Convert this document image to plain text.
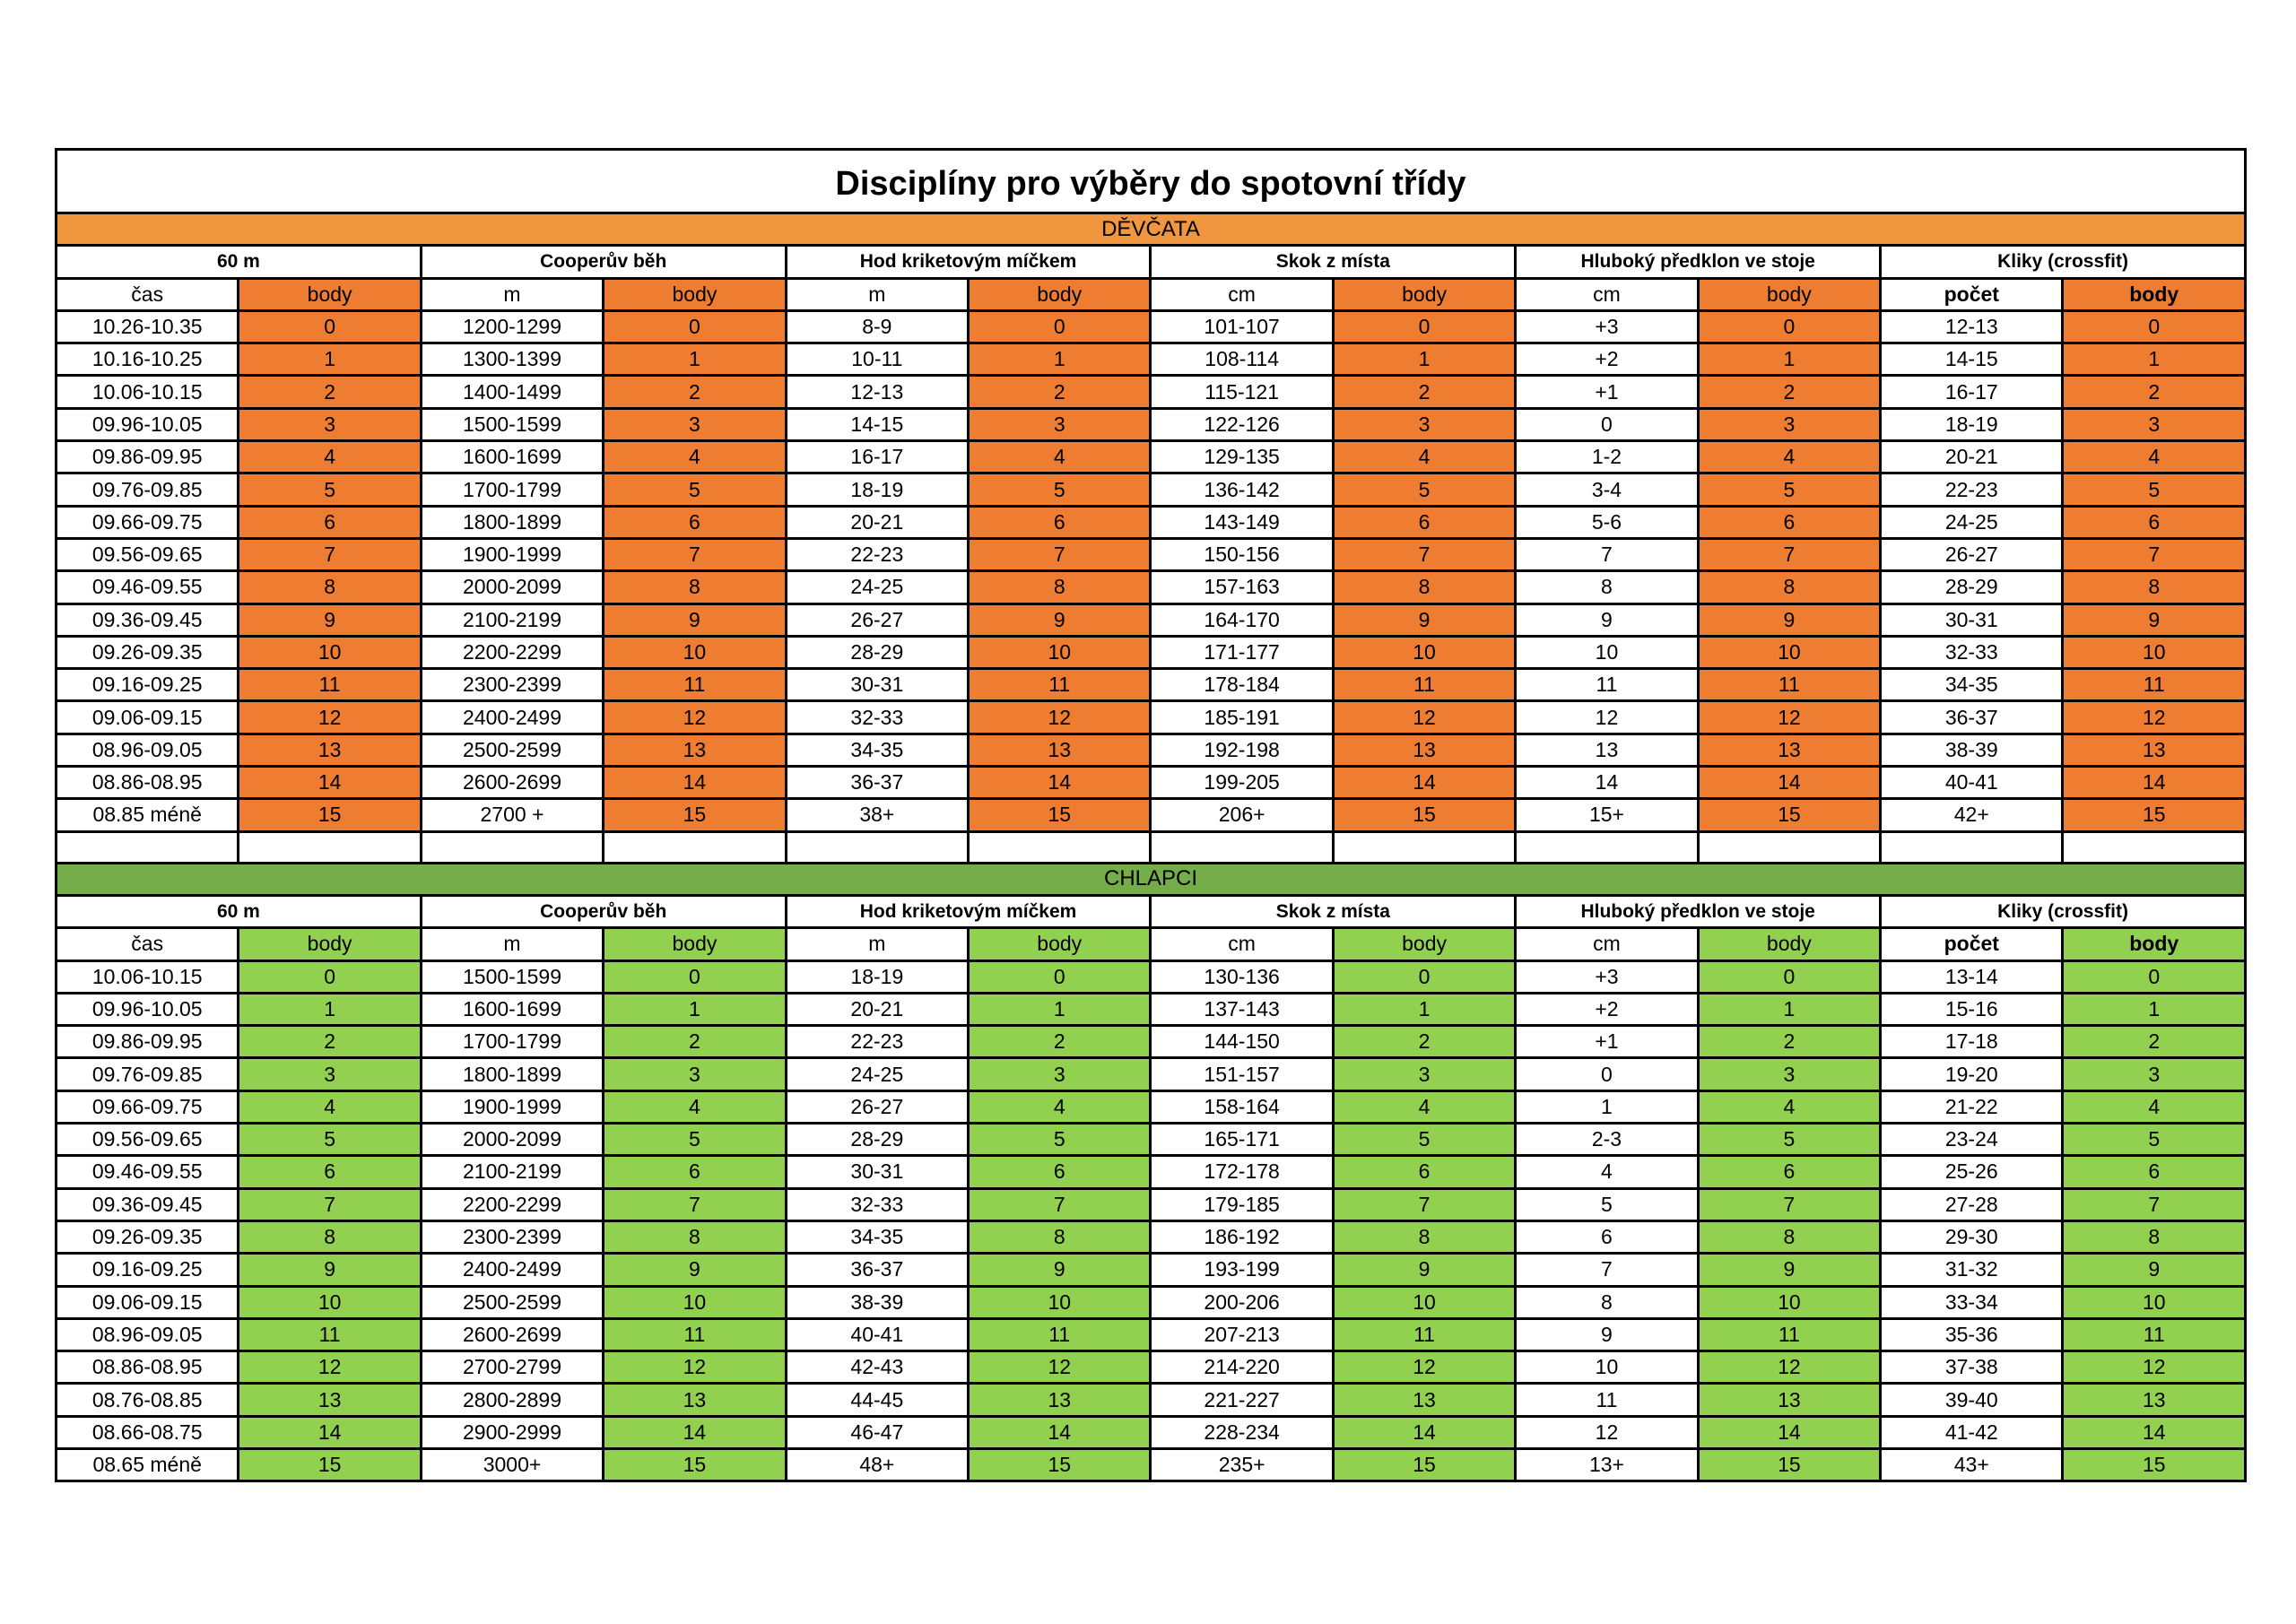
Disciplíny pro výběry do spotovní třídy											
DĚVČATA											
60 m		Cooperův běh		Hod kriketovým míčkem		Skok z místa		Hluboký předklon ve stoje		Kliky (crossfit)	
čas	body	m	body	m	body	cm	body	cm	body	počet	body
10.26-10.35	0	1200-1299	0	8-9	0	101-107	0	+3	0	12-13	0
10.16-10.25	1	1300-1399	1	10-11	1	108-114	1	+2	1	14-15	1
10.06-10.15	2	1400-1499	2	12-13	2	115-121	2	+1	2	16-17	2
09.96-10.05	3	1500-1599	3	14-15	3	122-126	3	0	3	18-19	3
09.86-09.95	4	1600-1699	4	16-17	4	129-135	4	1-2	4	20-21	4
09.76-09.85	5	1700-1799	5	18-19	5	136-142	5	3-4	5	22-23	5
09.66-09.75	6	1800-1899	6	20-21	6	143-149	6	5-6	6	24-25	6
09.56-09.65	7	1900-1999	7	22-23	7	150-156	7	7	7	26-27	7
09.46-09.55	8	2000-2099	8	24-25	8	157-163	8	8	8	28-29	8
09.36-09.45	9	2100-2199	9	26-27	9	164-170	9	9	9	30-31	9
09.26-09.35	10	2200-2299	10	28-29	10	171-177	10	10	10	32-33	10
09.16-09.25	11	2300-2399	11	30-31	11	178-184	11	11	11	34-35	11
09.06-09.15	12	2400-2499	12	32-33	12	185-191	12	12	12	36-37	12
08.96-09.05	13	2500-2599	13	34-35	13	192-198	13	13	13	38-39	13
08.86-08.95	14	2600-2699	14	36-37	14	199-205	14	14	14	40-41	14
08.85 méně	15	2700 +	15	38+	15	206+	15	15+	15	42+	15

CHLAPCI											
60 m		Cooperův běh		Hod kriketovým míčkem		Skok z místa		Hluboký předklon ve stoje		Kliky (crossfit)	
čas	body	m	body	m	body	cm	body	cm	body	počet	body
10.06-10.15	0	1500-1599	0	18-19	0	130-136	0	+3	0	13-14	0
09.96-10.05	1	1600-1699	1	20-21	1	137-143	1	+2	1	15-16	1
09.86-09.95	2	1700-1799	2	22-23	2	144-150	2	+1	2	17-18	2
09.76-09.85	3	1800-1899	3	24-25	3	151-157	3	0	3	19-20	3
09.66-09.75	4	1900-1999	4	26-27	4	158-164	4	1	4	21-22	4
09.56-09.65	5	2000-2099	5	28-29	5	165-171	5	2-3	5	23-24	5
09.46-09.55	6	2100-2199	6	30-31	6	172-178	6	4	6	25-26	6
09.36-09.45	7	2200-2299	7	32-33	7	179-185	7	5	7	27-28	7
09.26-09.35	8	2300-2399	8	34-35	8	186-192	8	6	8	29-30	8
09.16-09.25	9	2400-2499	9	36-37	9	193-199	9	7	9	31-32	9
09.06-09.15	10	2500-2599	10	38-39	10	200-206	10	8	10	33-34	10
08.96-09.05	11	2600-2699	11	40-41	11	207-213	11	9	11	35-36	11
08.86-08.95	12	2700-2799	12	42-43	12	214-220	12	10	12	37-38	12
08.76-08.85	13	2800-2899	13	44-45	13	221-227	13	11	13	39-40	13
08.66-08.75	14	2900-2999	14	46-47	14	228-234	14	12	14	41-42	14
08.65 méně	15	3000+	15	48+	15	235+	15	13+	15	43+	15
